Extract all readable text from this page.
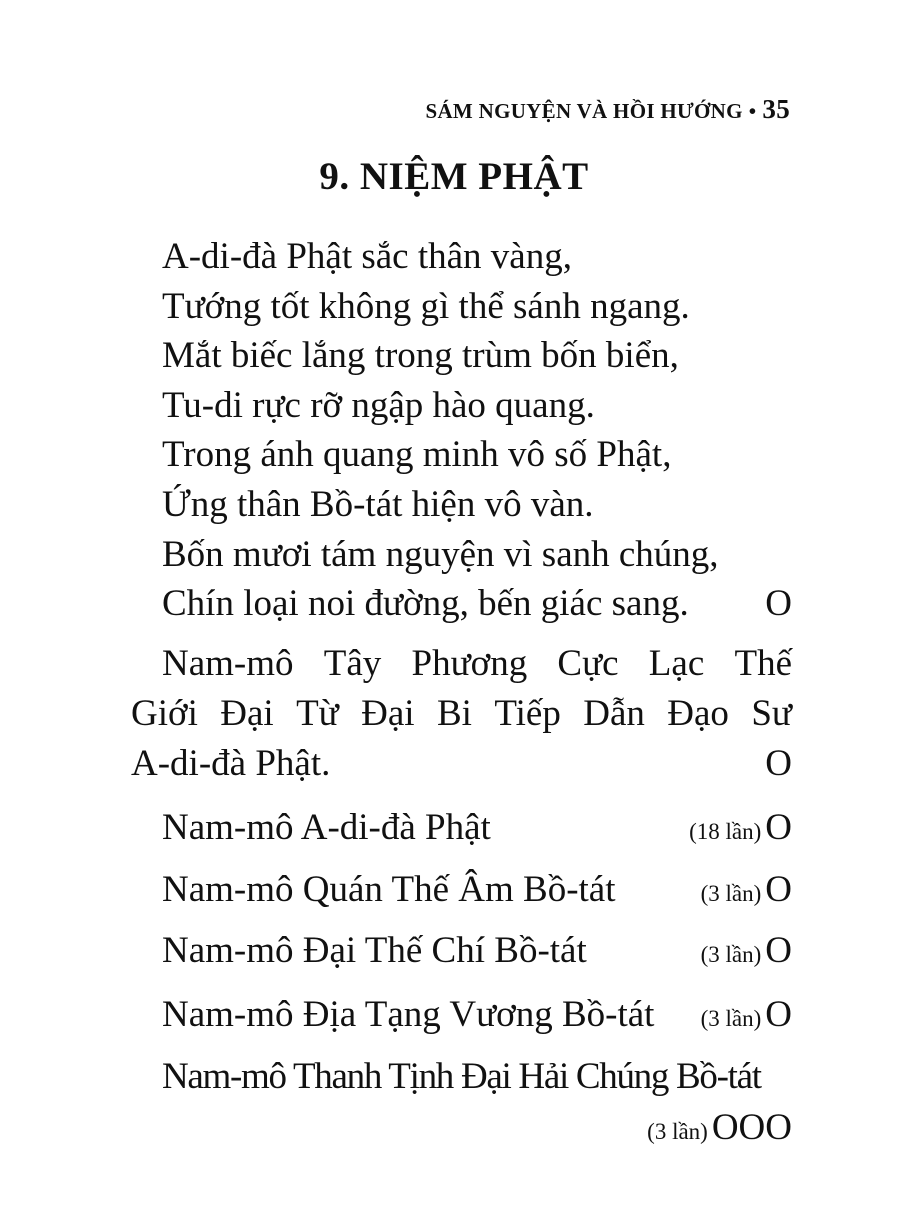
SÁM NGUYỆN VÀ HỒI HƯỚNG • 35
9. NIỆM PHẬT
A-di-đà Phật sắc thân vàng,
Tướng tốt không gì thể sánh ngang.
Mắt biếc lắng trong trùm bốn biển,
Tu-di rực rỡ ngập hào quang.
Trong ánh quang minh vô số Phật,
Ứng thân Bồ-tát hiện vô vàn.
Bốn mươi tám nguyện vì sanh chúng,
Chín loại noi đường, bến giác sang. O
Nam-mô Tây Phương Cực Lạc Thế
Giới Đại Từ Đại Bi Tiếp Dẫn Đạo Sư
A-di-đà Phật.	O
Nam-mô A-di-đà Phật	(18 lần) O
Nam-mô Quán Thế Âm Bồ-tát	(3 lần) O
Nam-mô Đại Thế Chí Bồ-tát	(3 lần) O
Nam-mô Địa Tạng Vương Bồ-tát (3 lần) O
Nam-mô Thanh Tịnh Đại Hải Chúng Bồ-tát
(3 lần) OOO
